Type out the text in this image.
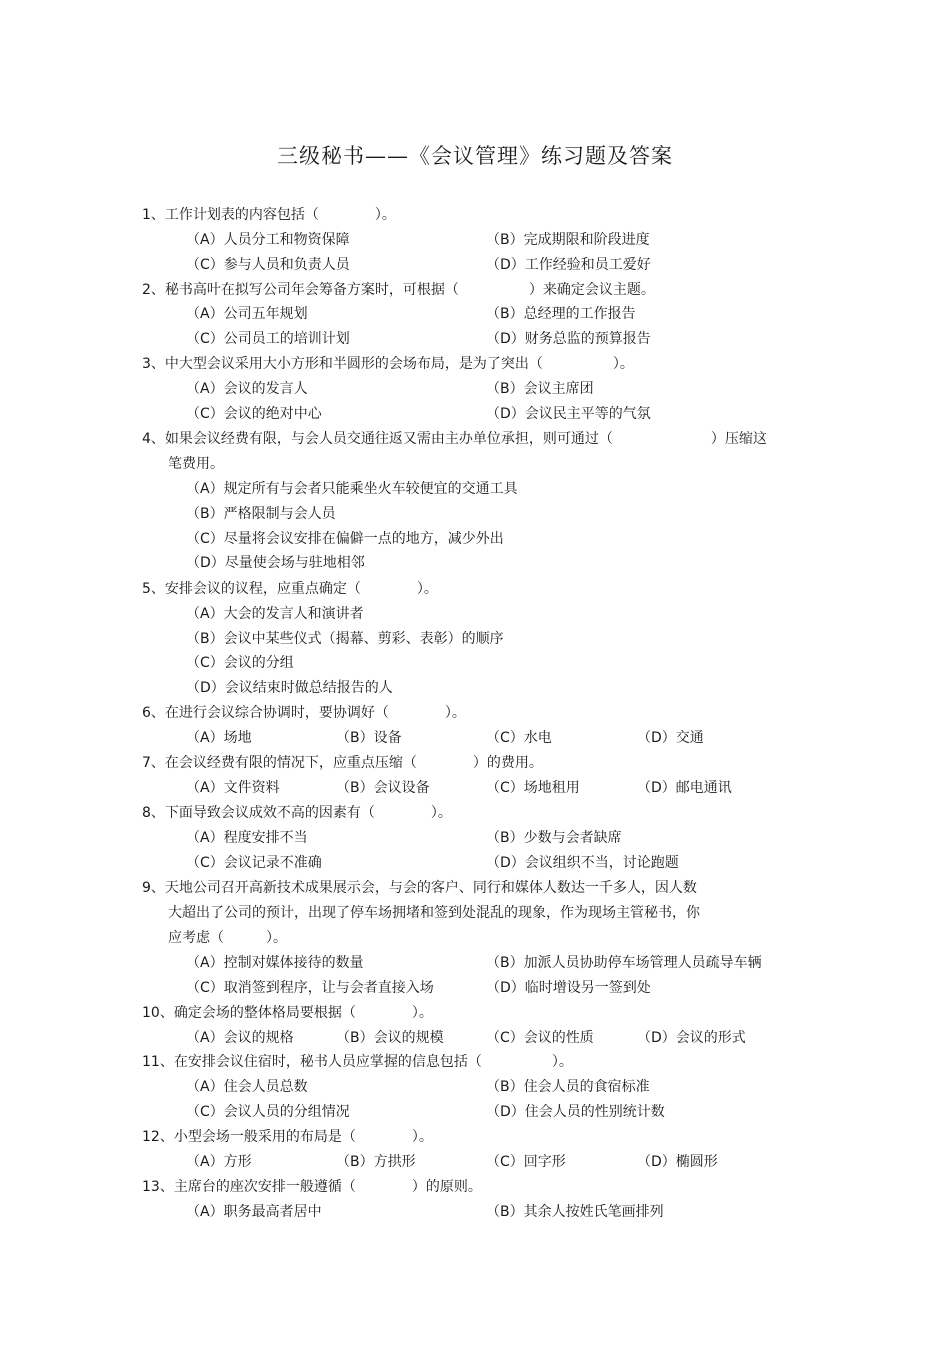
三级秘书——《会议管理》练习题及答案
1、工作计划表的内容包括（　　　　）。
（A）人员分工和物资保障	（B）完成期限和阶段进度
（C）参与人员和负责人员	（D）工作经验和员工爱好
2、秘书高叶在拟写公司年会筹备方案时，可根据（　　　　　）来确定会议主题。
（A）公司五年规划	（B）总经理的工作报告
（C）公司员工的培训计划	（D）财务总监的预算报告
3、中大型会议采用大小方形和半圆形的会场布局，是为了突出（　　　　　）。
（A）会议的发言人	（B）会议主席团
（C）会议的绝对中心	（D）会议民主平等的气氛
4、如果会议经费有限，与会人员交通往返又需由主办单位承担，则可通过（　　　　　　　）压缩这
笔费用。
（A）规定所有与会者只能乘坐火车较便宜的交通工具
（B）严格限制与会人员
（C）尽量将会议安排在偏僻一点的地方，减少外出
（D）尽量使会场与驻地相邻
5、安排会议的议程，应重点确定（　　　　）。
（A）大会的发言人和演讲者
（B）会议中某些仪式（揭幕、剪彩、表彰）的顺序
（C）会议的分组
（D）会议结束时做总结报告的人
6、在进行会议综合协调时，要协调好（　　　　）。
（A）场地	（B）设备	（C）水电	（D）交通
7、在会议经费有限的情况下，应重点压缩（　　　　）的费用。
（A）文件资料	（B）会议设备	（C）场地租用	（D）邮电通讯
8、下面导致会议成效不高的因素有（　　　　）。
（A）程度安排不当	（B）少数与会者缺席
（C）会议记录不准确	（D）会议组织不当，讨论跑题
9、天地公司召开高新技术成果展示会，与会的客户、同行和媒体人数达一千多人，因人数
大超出了公司的预计，出现了停车场拥堵和签到处混乱的现象，作为现场主管秘书，你
应考虑（　　　）。
（A）控制对媒体接待的数量	（B）加派人员协助停车场管理人员疏导车辆
（C）取消签到程序，让与会者直接入场	（D）临时增设另一签到处
10、确定会场的整体格局要根据（　　　　）。
（A）会议的规格	（B）会议的规模	（C）会议的性质	（D）会议的形式
11、在安排会议住宿时，秘书人员应掌握的信息包括（　　　　　）。
（A）住会人员总数	（B）住会人员的食宿标准
（C）会议人员的分组情况	（D）住会人员的性别统计数
12、小型会场一般采用的布局是（　　　　）。
（A）方形	（B）方拱形	（C）回字形	（D）椭圆形
13、主席台的座次安排一般遵循（　　　　）的原则。
（A）职务最高者居中	（B）其余人按姓氏笔画排列
